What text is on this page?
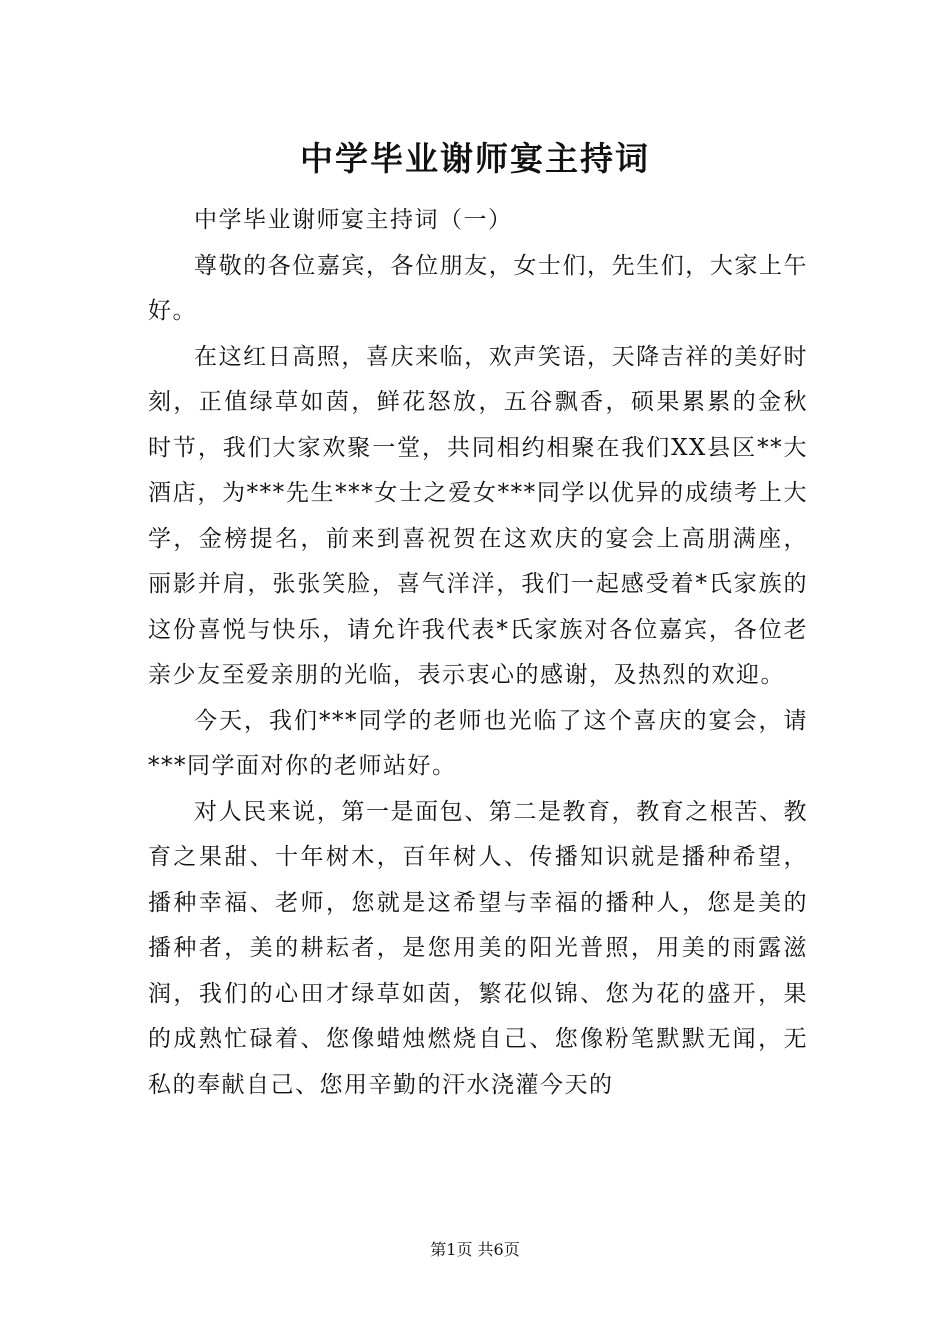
中学毕业谢师宴主持词

中学毕业谢师宴主持词（一）

尊敬的各位嘉宾，各位朋友，女士们，先生们，大家上午好。

在这红日高照，喜庆来临，欢声笑语，天降吉祥的美好时刻，正值绿草如茵，鲜花怒放，五谷飘香，硕果累累的金秋时节，我们大家欢聚一堂，共同相约相聚在我们XX县区**大酒店，为***先生***女士之爱女***同学以优异的成绩考上大学，金榜提名，前来到喜祝贺在这欢庆的宴会上高朋满座，丽影并肩，张张笑脸，喜气洋洋，我们一起感受着*氏家族的这份喜悦与快乐，请允许我代表*氏家族对各位嘉宾，各位老亲少友至爱亲朋的光临，表示衷心的感谢，及热烈的欢迎。

今天，我们***同学的老师也光临了这个喜庆的宴会，请***同学面对你的老师站好。

对人民来说，第一是面包、第二是教育，教育之根苦、教育之果甜、十年树木，百年树人、传播知识就是播种希望，播种幸福、老师，您就是这希望与幸福的播种人，您是美的播种者，美的耕耘者，是您用美的阳光普照，用美的雨露滋润，我们的心田才绿草如茵，繁花似锦、您为花的盛开，果的成熟忙碌着、您像蜡烛燃烧自己、您像粉笔默默无闻，无私的奉献自己、您用辛勤的汗水浇灌今天的

第1页 共6页
